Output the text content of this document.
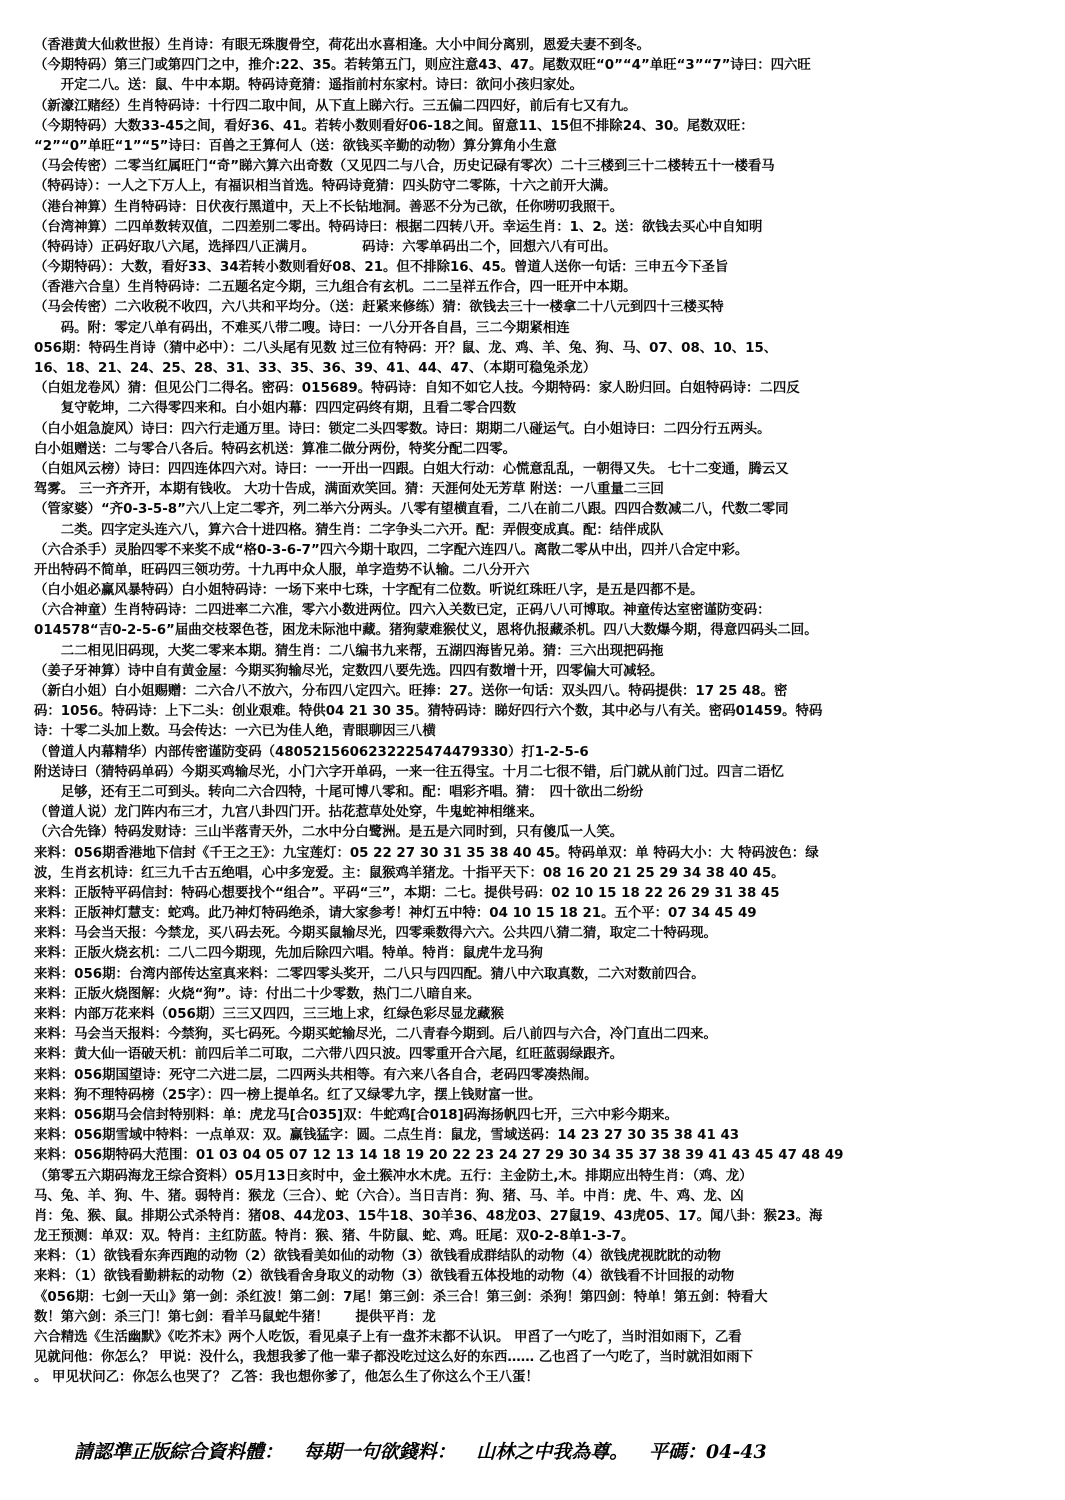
（香港黄大仙救世报）生肖诗：有眼无珠腹骨空，荷花出水喜相逢。大小中间分离别，恩爱夫妻不到冬。
（今期特码）第三门或第四门之中，推介:22、35。若转第五门，则应注意43、47。尾数双旺“0”“4”单旺“3”“7”诗曰：四六旺
　　开定二八。送：鼠、牛中本期。特码诗竟猜：遥指前村东家村。诗曰：欲问小孩归家处。
（新濠江赌经）生肖特码诗：十行四二取中间，从下直上睇六行。三五偏二四四好，前后有七又有九。
（今期特码）大数33-45之间，看好36、41。若转小数则看好06-18之间。留意11、15但不排除24、30。尾数双旺：
“2”“0”单旺“1”“5”诗曰：百兽之王算何人（送：欲钱买辛勤的动物）算分算角小生意
（马会传密）二零当红属旺门“奇”睇六算六出奇数（又见四二与八合，历史记碌有零次）二十三楼到三十二楼转五十一楼看马
（特码诗）：一人之下万人上，有福识相当首选。特码诗竟猜：四头防守二零陈，十六之前开大满。
（港台神算）生肖特码诗：日伏夜行黑道中，天上不长钻地洞。善恶不分为己欲，任你唠叨我照干。
（台湾神算）二四单数转双值，二四差别二零出。特码诗曰：根据二四转八开。幸运生肖：1、2。送：欲钱去买心中自知明
（特码诗）正码好取八六尾，选择四八正满月。　　　　码诗：六零单码出二个，回想六八有可出。
（今期特码）：大数，看好33、34若转小数则看好08、21。但不排除16、45。曾道人送你一句话：三申五今下圣旨
（香港六合皇）生肖特码诗：二五题名定今期，三九组合有玄机。二二呈祥五作合，四一旺开中本期。
（马会传密）二六收税不收四，六八共和平均分。（送：赶紧来修练）猜：欲钱去三十一楼拿二十八元到四十三楼买特
　　码。附：零定八单有码出，不难买八带二嗖。诗曰：一八分开各自昌，三二今期紧相连
056期：特码生肖诗（猜中必中）：二八头尾有见数 过三位有特码：开？鼠、龙、鸡、羊、兔、狗、马、07、08、10、15、
16、18、21、24、25、28、31、33、35、36、39、41、44、47、（本期可稳兔杀龙）
（白姐龙卷风）猜：但见公门二得名。密码：015689。特码诗：自知不如它人技。今期特码：家人盼归回。白姐特码诗：二四反
　　复守乾坤，二六得零四来和。白小姐内幕：四四定码终有期，且看二零合四数
（白小姐急旋风）诗曰：四六行走通万里。诗曰：锁定二头四零数。诗曰：期期二八碰运气。白小姐诗曰：二四分行五两头。
白小姐赠送：二与零合八各后。特码玄机送：算准二做分两份，特奖分配二四零。
（白姐风云榜）诗曰：四四连体四六对。诗曰：一一开出一四跟。白姐大行动：心慌意乱乱，一朝得又失。 七十二变通，腾云又
驾雾。 三一齐齐开，本期有钱收。 大功十告成，满面欢笑回。猜：天涯何处无芳草 附送：一八重量二三回
（管家婆）“齐0-3-5-8”六八上定二零齐，列二举六分两头。八零有望横直看，二八在前二八跟。四四合数减二八，代数二零同
　　二类。四字定头连六八，算六合十进四格。猜生肖：二字争头二六开。配：弄假变成真。配：结伴成队
（六合杀手）灵胎四零不来奖不成“格0-3-6-7”四六今期十取四，二字配六连四八。离散二零从中出，四并八合定中彩。
开出特码不简单，旺码四三领功劳。十九再中众人服，单字造势不认输。二八分开六
（白小姐必赢风暴特码）白小姐特码诗：一场下来中七珠，十字配有二位数。听说红珠旺八字，是五是四都不是。
（六合神童）生肖特码诗：二四进率二六准，零六小数进两位。四六入关数已定，正码八八可博取。神童传达室密谨防变码：
014578“吉0-2-5-6”届曲交枝翠色苍，困龙未际池中藏。猪狗蒙难猴仗义，恩将仇报藏杀机。四八大数爆今期，得意四码头二回。
　　二二相见旧码现，大奖二零来本期。猜生肖：二八编书九来帮，五湖四海皆兄弟。猜：三六出现把码拖
（姜子牙神算）诗中自有黄金屋：今期买狗输尽光，定数四八要先选。四四有数增十开，四零偏大可减轻。
（新白小姐）白小姐赐赠：二六合八不放六，分布四八定四六。旺捧：27。送你一句话：双头四八。特码提供：17 25 48。密
码：1056。特码诗：上下二头：创业艰难。特供04 21 30 35。猜特码诗：睇好四行六个数，其中必与八有关。密码01459。特码
诗：十零二头加上数。马会传达：一六已为佳人绝，青眼聊因三八横
（曾道人内幕精华）内部传密谨防变码（4805215606232225474479330）打1-2-5-6
附送诗曰（猜特码单码）今期买鸡输尽光，小门六字开单码，一来一往五得宝。十月二七很不错，后门就从前门过。四言二语忆
　　足够，还有王二可到头。转向二六合四特，十尾可博八零和。配：唱彩齐唱。猜：　四十欲出二纷纷
（曾道人说）龙门阵内布三才，九宫八卦四门开。拈花惹草处处穿，牛鬼蛇神相继来。
（六合先锋）特码发财诗：三山半落青天外，二水中分白鹭洲。是五是六同时到，只有傻瓜一人笑。
来料：056期香港地下信封《千王之王》：九宝莲灯：05 22 27 30 31 35 38 40 45。特码单双：单 特码大小：大 特码波色：绿
波，生肖玄机诗：红三九千古五绝唱，心中多宠爱。主：鼠猴鸡羊猪龙。十指平天下：08 16 20 21 25 29 34 38 40 45。
来料：正版特平码信封：特码心想要找个“组合”。平码“三”，本期：二七。提供号码：02 10 15 18 22 26 29 31 38 45
来料：正版神灯慧支：蛇鸡。此乃神灯特码绝杀，请大家参考！神灯五中特：04 10 15 18 21。五个平：07 34 45 49
来料：马会当天报：今禁龙，买八码去死。今期买鼠输尽光，四零乘数得六六。公共四八猜二猜，取定二十特码现。
来料：正版火烧玄机：二八二四今期现，先加后除四六唱。特单。特肖：鼠虎牛龙马狗
来料：056期：台湾内部传达室真来料：二零四零头奖开，二八只与四四配。猜八中六取真数，二六对数前四合。
来料：正版火烧图解：火烧“狗”。诗：付出二十少零数，热门二八暗自来。
来料：内部万花来料（056期）三三又四四，三三地上求，红绿色彩尽显龙藏猴
来料：马会当天报料：今禁狗，买七码死。今期买蛇输尽光，二八青春今期到。后八前四与六合，冷门直出二四来。
来料：黄大仙一语破天机：前四后羊二可取，二六带八四只波。四零重开合六尾，红旺蓝弱绿跟齐。
来料：056期国望诗：死守二六进二层，二四两头共相等。有六来八各自合，老码四零凑热闹。
来料：狗不理特码榜（25字）：四一榜上提单名。红了又绿零九字，摆上钱财富一世。
来料：056期马会信封特别料：单：虎龙马[合035]双：牛蛇鸡[合018]码海扬帆四七开，三六中彩今期来。
来料：056期雪域中特料：一点单双：双。赢钱猛字：圆。二点生肖：鼠龙，雪域送码：14 23 27 30 35 38 41 43
来料：056期特码大范围：01 03 04 05 07 12 13 14 18 19 20 22 23 24 27 29 30 34 35 37 38 39 41 43 45 47 48 49
（第零五六期码海龙王综合资料）05月13日亥时中，金土猴冲水木虎。五行：主金防土,木。排期应出特生肖：（鸡、龙）
马、兔、羊、狗、牛、猪。弱特肖：猴龙（三合）、蛇（六合）。当日吉肖：狗、猪、马、羊。中肖：虎、牛、鸡、龙、凶
肖：兔、猴、鼠。排期公式杀特肖：猪08、44龙03、15牛18、30羊36、48龙03、27鼠19、43虎05、17。闻八卦：猴23。海
龙王预测：单双：双。特肖：主红防蓝。特肖：猴、猪、牛防鼠、蛇、鸡。旺尾：双0-2-8单1-3-7。
来料：（1）欲钱看东奔西跑的动物（2）欲钱看美如仙的动物（3）欲钱看成群结队的动物（4）欲钱虎视眈眈的动物
来料：（1）欲钱看勤耕耘的动物（2）欲钱看舍身取义的动物（3）欲钱看五体投地的动物（4）欲钱看不计回报的动物
《056期：七剑一天山》第一剑：杀红波！第二剑：7尾！第三剑：杀三合！第三剑：杀狗！第四剑：特单！第五剑：特看大
数！第六剑：杀三门！第七剑：看羊马鼠蛇牛猪！　　提供平肖：龙
六合精选《生活幽默》《吃芥末》两个人吃饭，看见桌子上有一盘芥末都不认识。 甲舀了一勺吃了，当时泪如雨下，乙看
见就问他：你怎么？ 甲说：没什么，我想我爹了他一辈子都没吃过这么好的东西…… 乙也舀了一勺吃了，当时就泪如雨下
。 甲见状问乙：你怎么也哭了？ 乙答：我也想你爹了，他怎么生了你这么个王八蛋！
請認準正版綜合資料體： 每期一句欲錢料： 山林之中我為尊。 平碼：04-43
